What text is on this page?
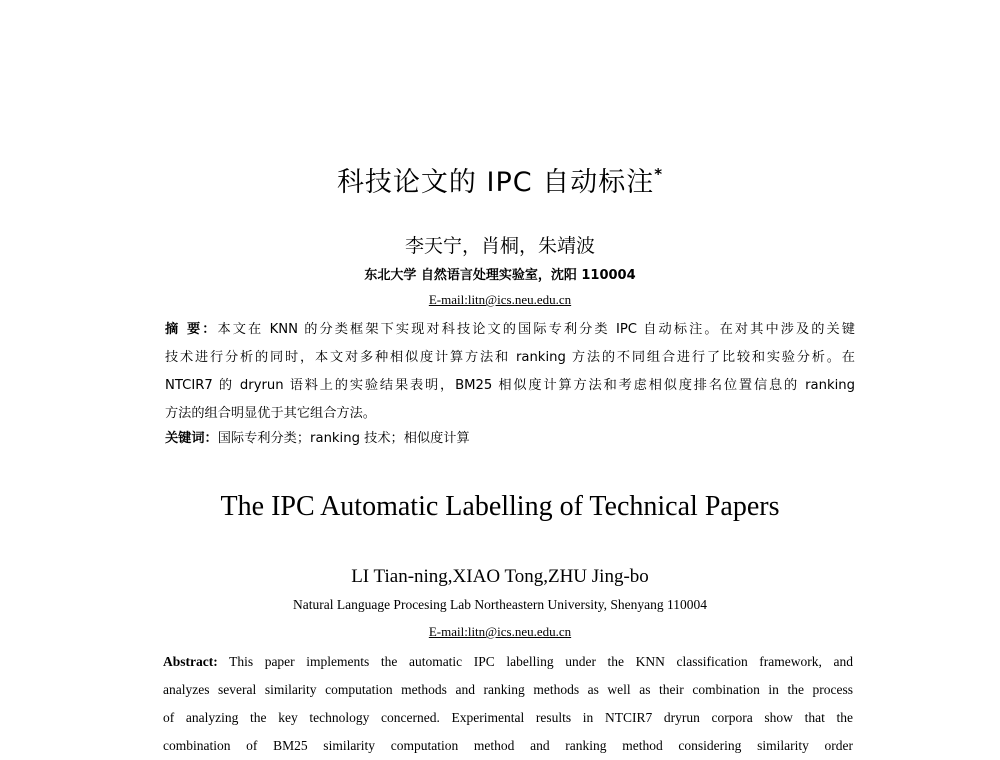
科技论文的 IPC 自动标注*
李天宁，肖桐，朱靖波
东北大学 自然语言处理实验室，沈阳 110004
E-mail:litn@ics.neu.edu.cn
摘 要：本文在 KNN 的分类框架下实现对科技论文的国际专利分类 IPC 自动标注。在对其中涉及的关键
技术进行分析的同时，本文对多种相似度计算方法和 ranking 方法的不同组合进行了比较和实验分析。在
NTCIR7 的 dryrun 语料上的实验结果表明，BM25 相似度计算方法和考虑相似度排名位置信息的 ranking
方法的组合明显优于其它组合方法。
关键词：国际专利分类；ranking 技术；相似度计算
The IPC Automatic Labelling of Technical Papers
LI Tian-ning,XIAO Tong,ZHU Jing-bo
Natural Language Procesing Lab Northeastern University, Shenyang 110004
E-mail:litn@ics.neu.edu.cn
Abstract: This paper implements the automatic IPC labelling under the KNN classification framework, and
analyzes several similarity computation methods and ranking methods as well as their combination in the process
of analyzing the key technology concerned. Experimental results in NTCIR7 dryrun corpora show that the
combination of BM25 similarity computation method and ranking method considering similarity order
